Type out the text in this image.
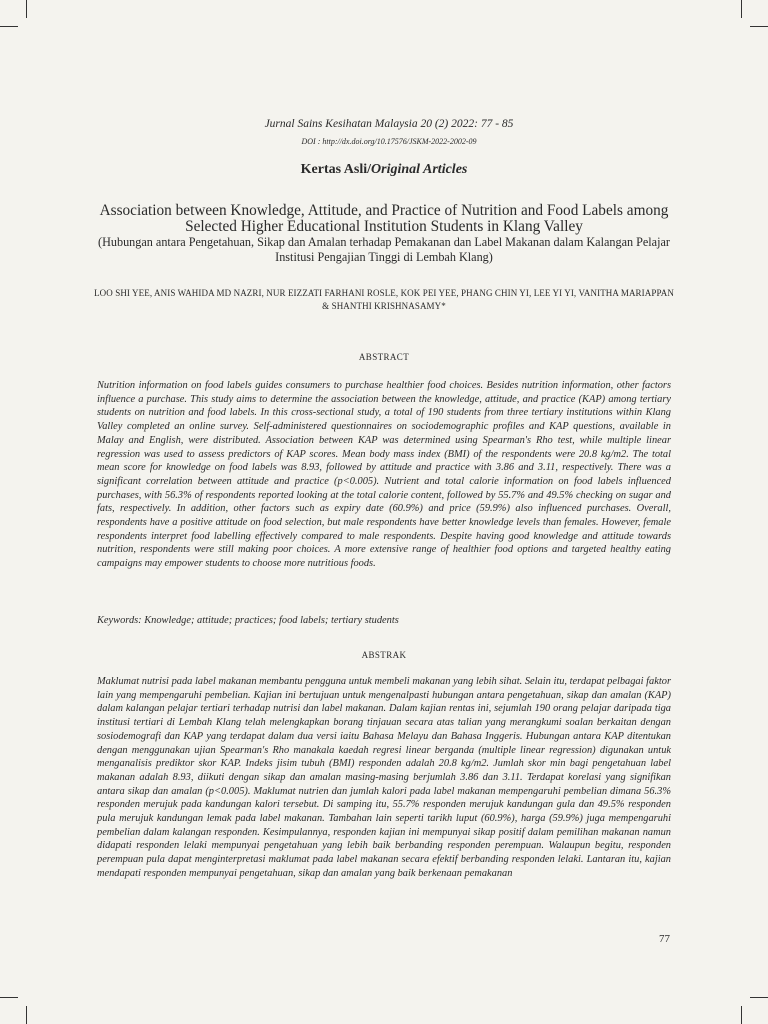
Jurnal Sains Kesihatan Malaysia 20 (2) 2022: 77 - 85
DOI : http://dx.doi.org/10.17576/JSKM-2022-2002-09
Kertas Asli/Original Articles
Association between Knowledge, Attitude, and Practice of Nutrition and Food Labels among Selected Higher Educational Institution Students in Klang Valley
(Hubungan antara Pengetahuan, Sikap dan Amalan terhadap Pemakanan dan Label Makanan dalam Kalangan Pelajar Institusi Pengajian Tinggi di Lembah Klang)
LOO SHI YEE, ANIS WAHIDA MD NAZRI, NUR EIZZATI FARHANI ROSLE, KOK PEI YEE, PHANG CHIN YI, LEE YI YI, VANITHA MARIAPPAN & SHANTHI KRISHNASAMY*
ABSTRACT
Nutrition information on food labels guides consumers to purchase healthier food choices. Besides nutrition information, other factors influence a purchase. This study aims to determine the association between the knowledge, attitude, and practice (KAP) among tertiary students on nutrition and food labels. In this cross-sectional study, a total of 190 students from three tertiary institutions within Klang Valley completed an online survey. Self-administered questionnaires on sociodemographic profiles and KAP questions, available in Malay and English, were distributed. Association between KAP was determined using Spearman's Rho test, while multiple linear regression was used to assess predictors of KAP scores. Mean body mass index (BMI) of the respondents were 20.8 kg/m2. The total mean score for knowledge on food labels was 8.93, followed by attitude and practice with 3.86 and 3.11, respectively. There was a significant correlation between attitude and practice (p<0.005). Nutrient and total calorie information on food labels influenced purchases, with 56.3% of respondents reported looking at the total calorie content, followed by 55.7% and 49.5% checking on sugar and fats, respectively. In addition, other factors such as expiry date (60.9%) and price (59.9%) also influenced purchases. Overall, respondents have a positive attitude on food selection, but male respondents have better knowledge levels than females. However, female respondents interpret food labelling effectively compared to male respondents. Despite having good knowledge and attitude towards nutrition, respondents were still making poor choices. A more extensive range of healthier food options and targeted healthy eating campaigns may empower students to choose more nutritious foods.
Keywords: Knowledge; attitude; practices; food labels; tertiary students
ABSTRAK
Maklumat nutrisi pada label makanan membantu pengguna untuk membeli makanan yang lebih sihat. Selain itu, terdapat pelbagai faktor lain yang mempengaruhi pembelian. Kajian ini bertujuan untuk mengenalpasti hubungan antara pengetahuan, sikap dan amalan (KAP) dalam kalangan pelajar tertiari terhadap nutrisi dan label makanan. Dalam kajian rentas ini, sejumlah 190 orang pelajar daripada tiga institusi tertiari di Lembah Klang telah melengkapkan borang tinjauan secara atas talian yang merangkumi soalan berkaitan dengan sosiodemografi dan KAP yang terdapat dalam dua versi iaitu Bahasa Melayu dan Bahasa Inggeris. Hubungan antara KAP ditentukan dengan menggunakan ujian Spearman's Rho manakala kaedah regresi linear berganda (multiple linear regression) digunakan untuk menganalisis prediktor skor KAP. Indeks jisim tubuh (BMI) responden adalah 20.8 kg/m2. Jumlah skor min bagi pengetahuan label makanan adalah 8.93, diikuti dengan sikap dan amalan masing-masing berjumlah 3.86 dan 3.11. Terdapat korelasi yang signifikan antara sikap dan amalan (p<0.005). Maklumat nutrien dan jumlah kalori pada label makanan mempengaruhi pembelian dimana 56.3% responden merujuk pada kandungan kalori tersebut. Di samping itu, 55.7% responden merujuk kandungan gula dan 49.5% responden pula merujuk kandungan lemak pada label makanan. Tambahan lain seperti tarikh luput (60.9%), harga (59.9%) juga mempengaruhi pembelian dalam kalangan responden. Kesimpulannya, responden kajian ini mempunyai sikap positif dalam pemilihan makanan namun didapati responden lelaki mempunyai pengetahuan yang lebih baik berbanding responden perempuan. Walaupun begitu, responden perempuan pula dapat menginterpretasi maklumat pada label makanan secara efektif berbanding responden lelaki. Lantaran itu, kajian mendapati responden mempunyai pengetahuan, sikap dan amalan yang baik berkenaan pemakanan
77
